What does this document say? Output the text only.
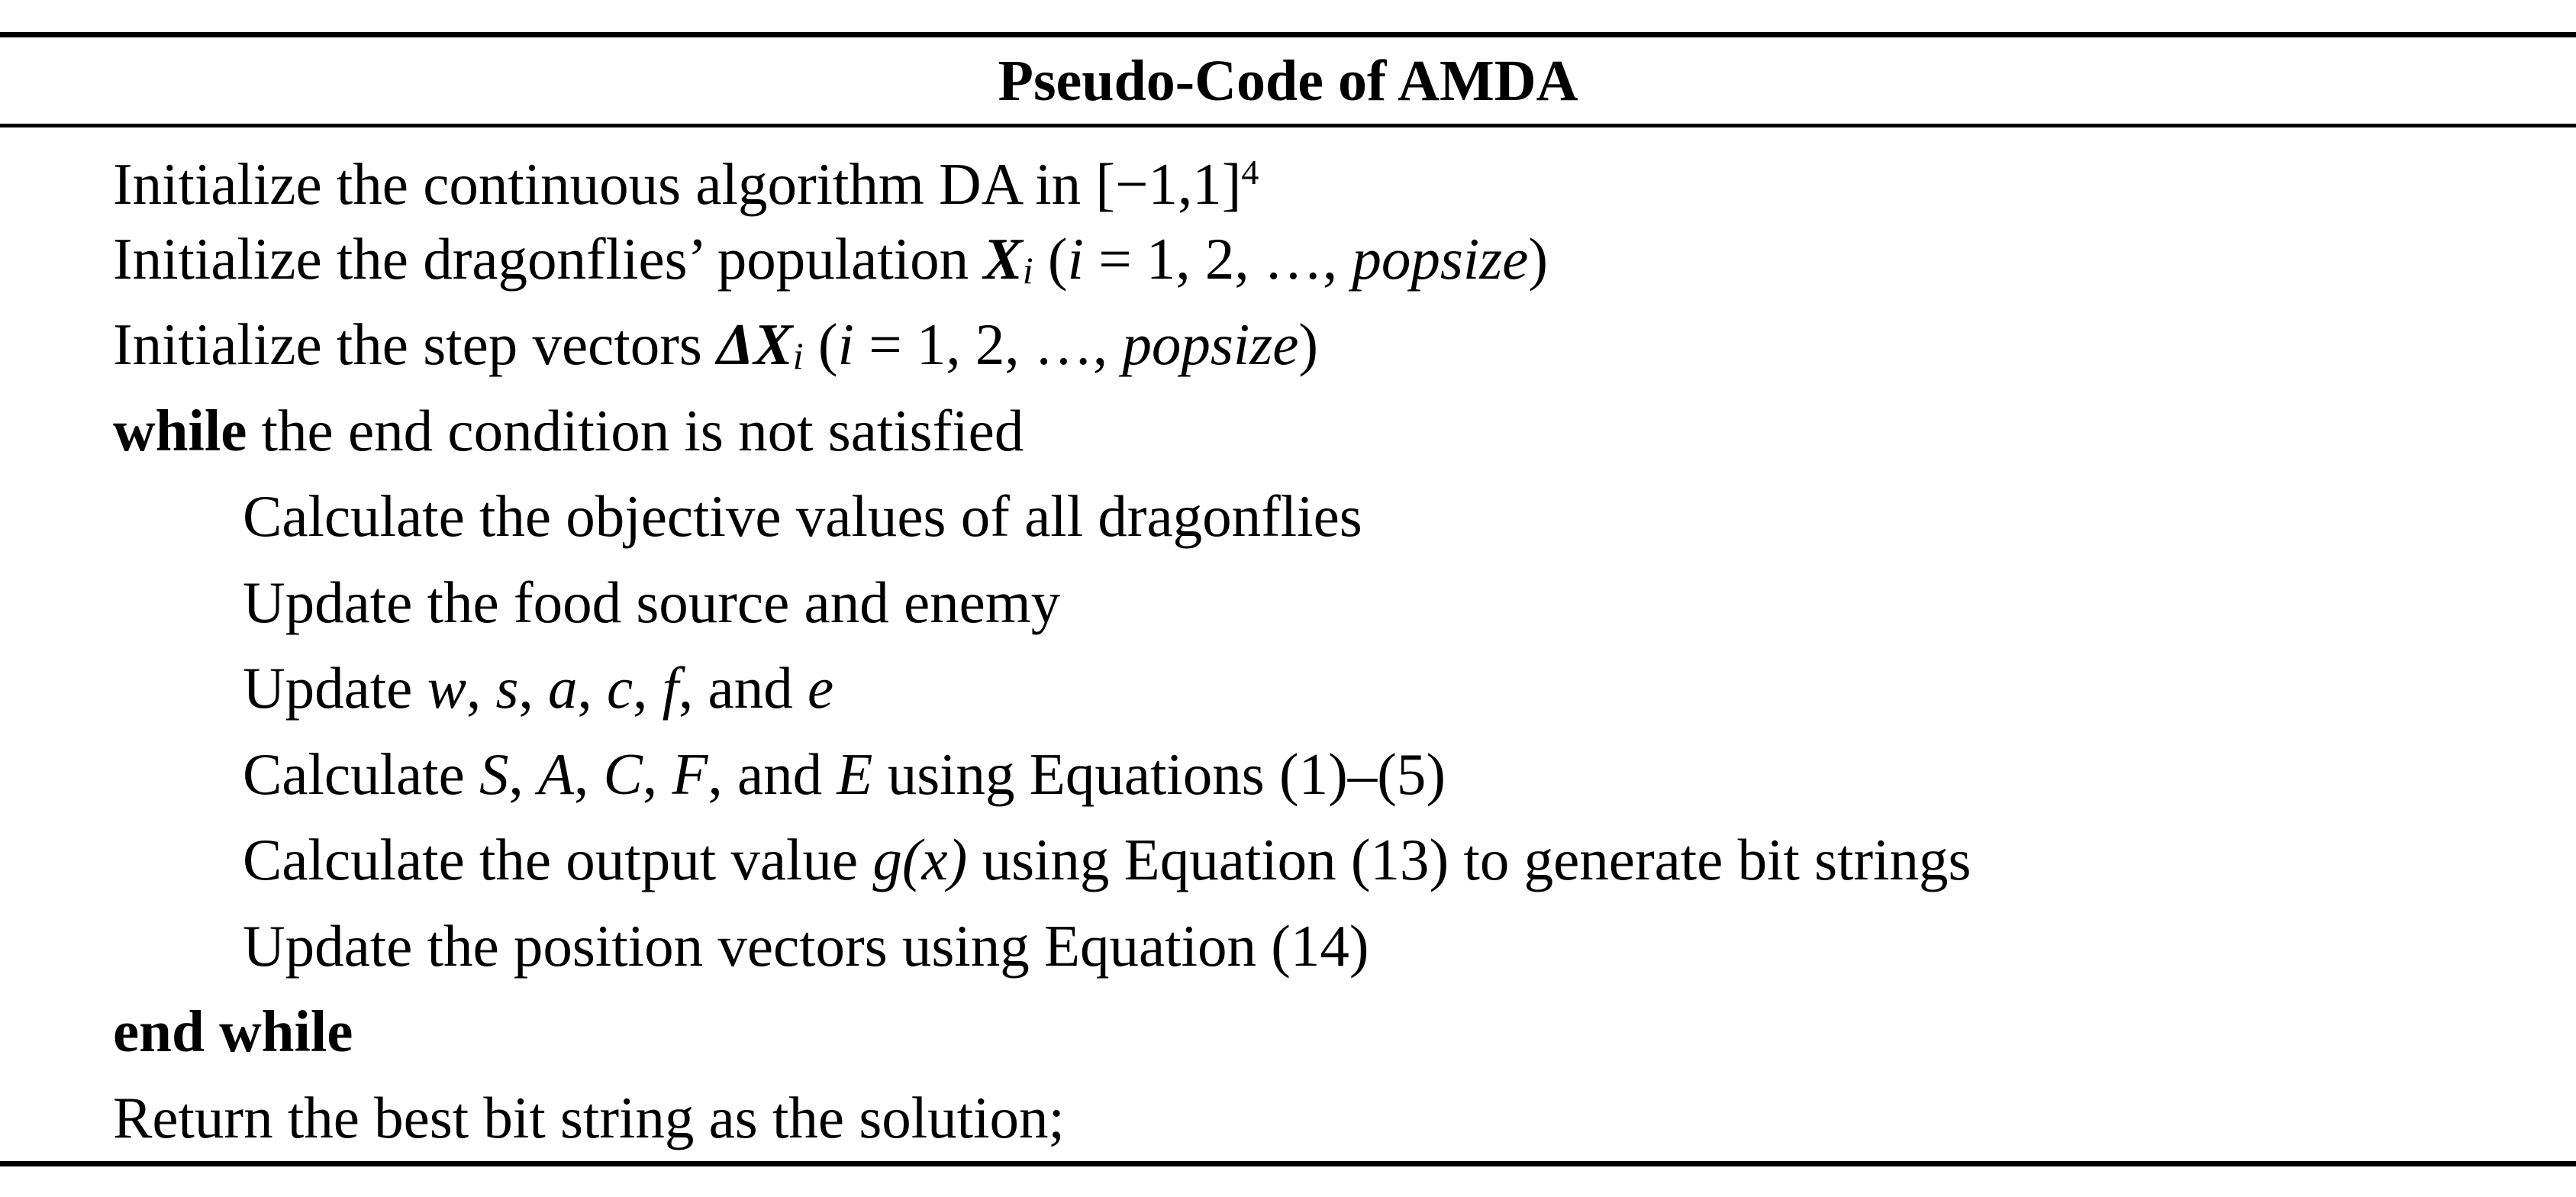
Pseudo-Code of AMDA
Initialize the continuous algorithm DA in $[-1,1]^4$
Initialize the dragonflies’ population Xi (i = 1, 2, …, popsize)
Initialize the step vectors ΔXi (i = 1, 2, …, popsize)
while the end condition is not satisfied
Calculate the objective values of all dragonflies
Update the food source and enemy
Update w, s, a, c, f, and e
Calculate S, A, C, F, and E using Equations (1)–(5)
Calculate the output value g(x) using Equation (13) to generate bit strings
Update the position vectors using Equation (14)
end while
Return the best bit string as the solution;
